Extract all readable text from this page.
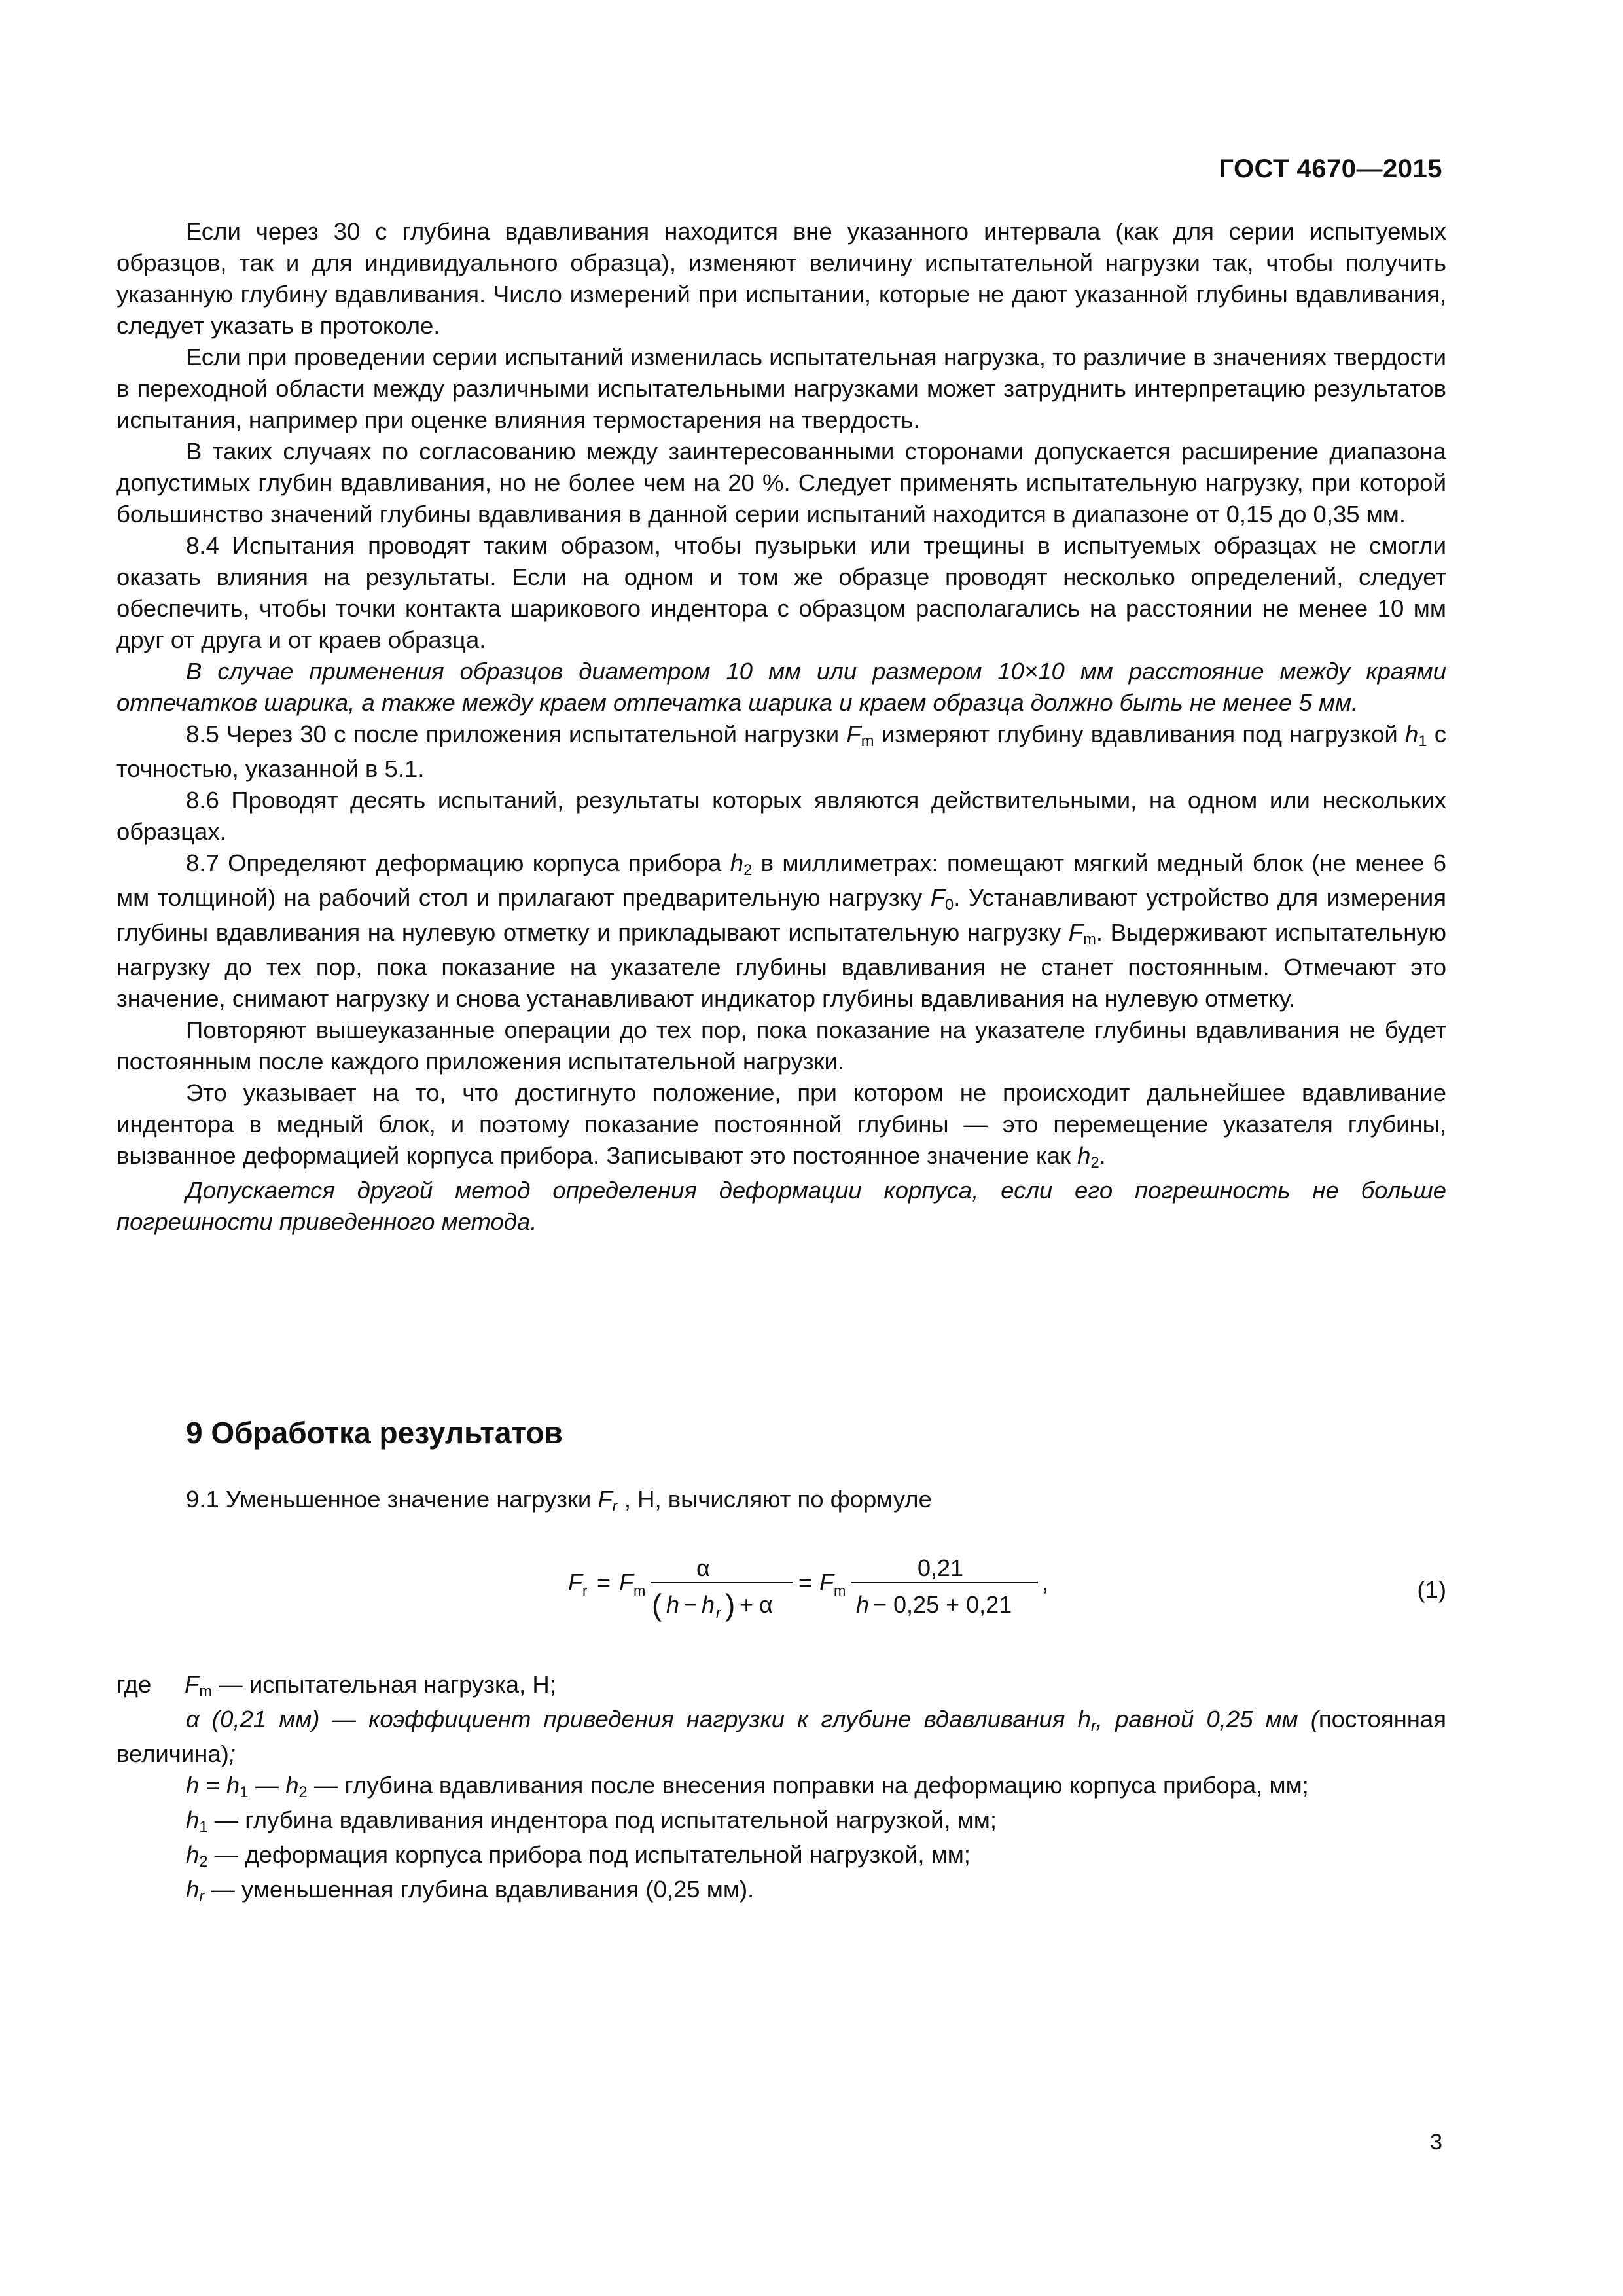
ГОСТ 4670—2015

Если через 30 с глубина вдавливания находится вне указанного интервала (как для серии испытуемых образцов, так и для индивидуального образца), изменяют величину испытательной нагрузки так, чтобы получить указанную глубину вдавливания. Число измерений при испытании, которые не дают указанной глубины вдавливания, следует указать в протоколе.

Если при проведении серии испытаний изменилась испытательная нагрузка, то различие в значениях твердости в переходной области между различными испытательными нагрузками может затруднить интерпретацию результатов испытания, например при оценке влияния термостарения на твердость.

В таких случаях по согласованию между заинтересованными сторонами допускается расширение диапазона допустимых глубин вдавливания, но не более чем на 20 %. Следует применять испытательную нагрузку, при которой большинство значений глубины вдавливания в данной серии испытаний находится в диапазоне от 0,15 до 0,35 мм.

8.4 Испытания проводят таким образом, чтобы пузырьки или трещины в испытуемых образцах не смогли оказать влияния на результаты. Если на одном и том же образце проводят несколько определений, следует обеспечить, чтобы точки контакта шарикового индентора с образцом располагались на расстоянии не менее 10 мм друг от друга и от краев образца.

В случае применения образцов диаметром 10 мм или размером 10×10 мм расстояние между краями отпечатков шарика, а также между краем отпечатка шарика и краем образца должно быть не менее 5 мм.

8.5 Через 30 с после приложения испытательной нагрузки $F_m$ измеряют глубину вдавливания под нагрузкой $h_1$ с точностью, указанной в 5.1.

8.6 Проводят десять испытаний, результаты которых являются действительными, на одном или нескольких образцах.

8.7 Определяют деформацию корпуса прибора $h_2$ в миллиметрах: помещают мягкий медный блок (не менее 6 мм толщиной) на рабочий стол и прилагают предварительную нагрузку $F_0$. Устанавливают устройство для измерения глубины вдавливания на нулевую отметку и прикладывают испытательную нагрузку $F_m$. Выдерживают испытательную нагрузку до тех пор, пока показание на указателе глубины вдавливания не станет постоянным. Отмечают это значение, снимают нагрузку и снова устанавливают индикатор глубины вдавливания на нулевую отметку.

Повторяют вышеуказанные операции до тех пор, пока показание на указателе глубины вдавливания не будет постоянным после каждого приложения испытательной нагрузки.

Это указывает на то, что достигнуто положение, при котором не происходит дальнейшее вдавливание индентора в медный блок, и поэтому показание постоянной глубины — это перемещение указателя глубины, вызванное деформацией корпуса прибора. Записывают это постоянное значение как $h_2$.

Допускается другой метод определения деформации корпуса, если его погрешность не больше погрешности приведенного метода.

9 Обработка результатов
9.1 Уменьшенное значение нагрузки $F_r$ , Н, вычисляют по формуле
F r = F m
α
( h − h r ) + α
= F m
0,21
h − 0,25 + 0,21
,	(1)

где $F_m$ — испытательная нагрузка, Н;

α (0,21 мм) — коэффициент приведения нагрузки к глубине вдавливания $h_r$, равной 0,25 мм (постоянная величина);

$h = h_1$ — $h_2$ — глубина вдавливания после внесения поправки на деформацию корпуса прибора, мм;

$h_1$ — глубина вдавливания индентора под испытательной нагрузкой, мм;

$h_2$ — деформация корпуса прибора под испытательной нагрузкой, мм;

$h_r$ — уменьшенная глубина вдавливания (0,25 мм).

3
